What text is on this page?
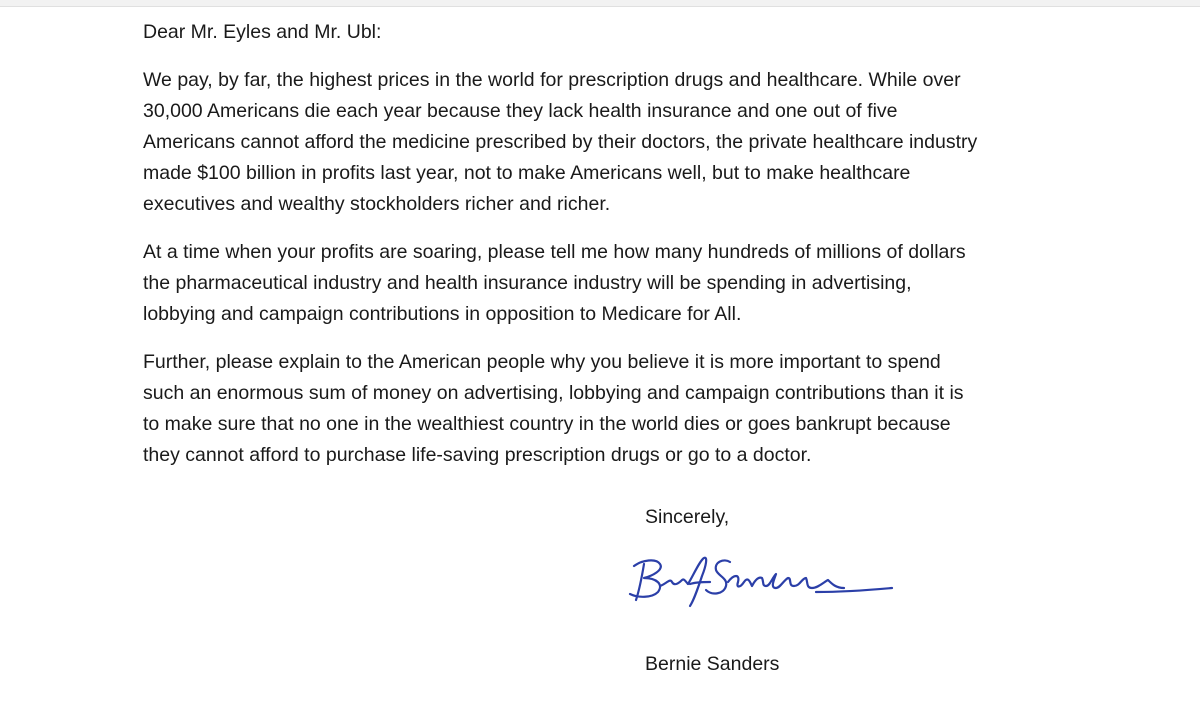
Dear Mr. Eyles and Mr. Ubl:

We pay, by far, the highest prices in the world for prescription drugs and healthcare. While over
30,000 Americans die each year because they lack health insurance and one out of five
Americans cannot afford the medicine prescribed by their doctors, the private healthcare industry
made $100 billion in profits last year, not to make Americans well, but to make healthcare
executives and wealthy stockholders richer and richer.
At a time when your profits are soaring, please tell me how many hundreds of millions of dollars
the pharmaceutical industry and health insurance industry will be spending in advertising,
lobbying and campaign contributions in opposition to Medicare for All.
Further, please explain to the American people why you believe it is more important to spend
such an enormous sum of money on advertising, lobbying and campaign contributions than it is
to make sure that no one in the wealthiest country in the world dies or goes bankrupt because
they cannot afford to purchase life-saving prescription drugs or go to a doctor.
Sincerely,
Bernie Sanders
